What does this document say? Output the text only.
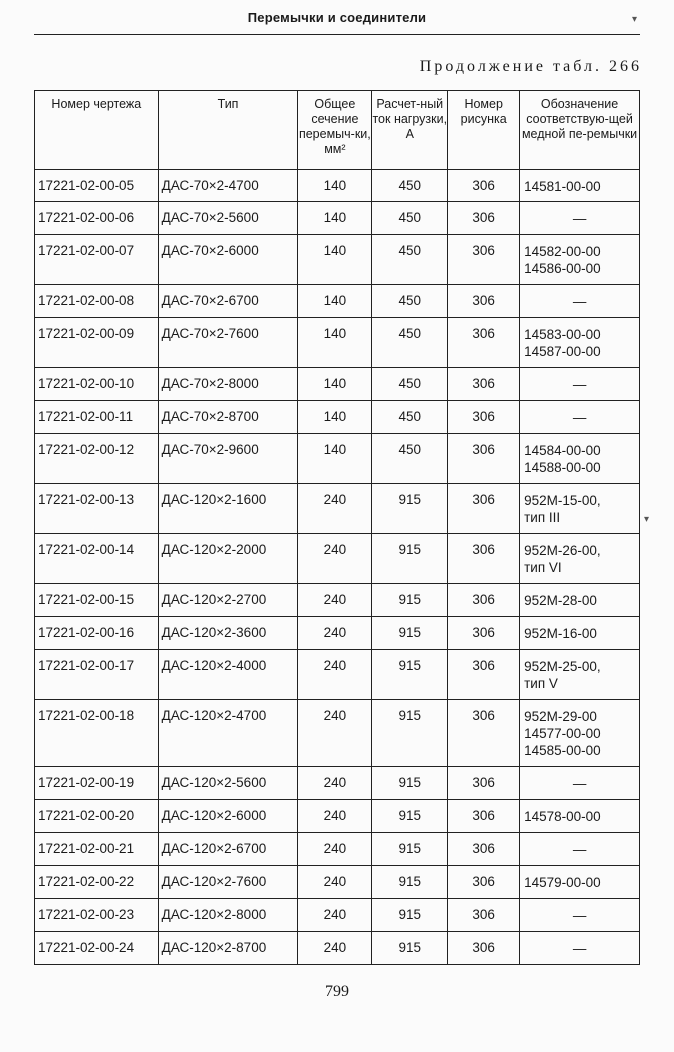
Перемычки и соединители
Продолжение табл. 266
Номер чертежа	Тип	Общее сечение перемыч-ки, мм²	Расчет-ный ток нагрузки, А	Номер рисунка	Обозначение соответствую-щей медной пе-ремычки
17221-02-00-05	ДАС-70×2-4700	140	450	306	14581-00-00

17221-02-00-06	ДАС-70×2-5600	140	450	306	—

17221-02-00-07	ДАС-70×2-6000	140	450	306	14582-00-00
14586-00-00

17221-02-00-08	ДАС-70×2-6700	140	450	306	—

17221-02-00-09	ДАС-70×2-7600	140	450	306	14583-00-00
14587-00-00

17221-02-00-10	ДАС-70×2-8000	140	450	306	—

17221-02-00-11	ДАС-70×2-8700	140	450	306	—

17221-02-00-12	ДАС-70×2-9600	140	450	306	14584-00-00
14588-00-00

17221-02-00-13	ДАС-120×2-1600	240	915	306	952М-15-00,
тип III

17221-02-00-14	ДАС-120×2-2000	240	915	306	952М-26-00,
тип VI

17221-02-00-15	ДАС-120×2-2700	240	915	306	952М-28-00

17221-02-00-16	ДАС-120×2-3600	240	915	306	952М-16-00

17221-02-00-17	ДАС-120×2-4000	240	915	306	952М-25-00,
тип V

17221-02-00-18	ДАС-120×2-4700	240	915	306	952М-29-00
14577-00-00
14585-00-00

17221-02-00-19	ДАС-120×2-5600	240	915	306	—

17221-02-00-20	ДАС-120×2-6000	240	915	306	14578-00-00

17221-02-00-21	ДАС-120×2-6700	240	915	306	—

17221-02-00-22	ДАС-120×2-7600	240	915	306	14579-00-00

17221-02-00-23	ДАС-120×2-8000	240	915	306	—

17221-02-00-24	ДАС-120×2-8700	240	915	306	—
799
▾
▾
